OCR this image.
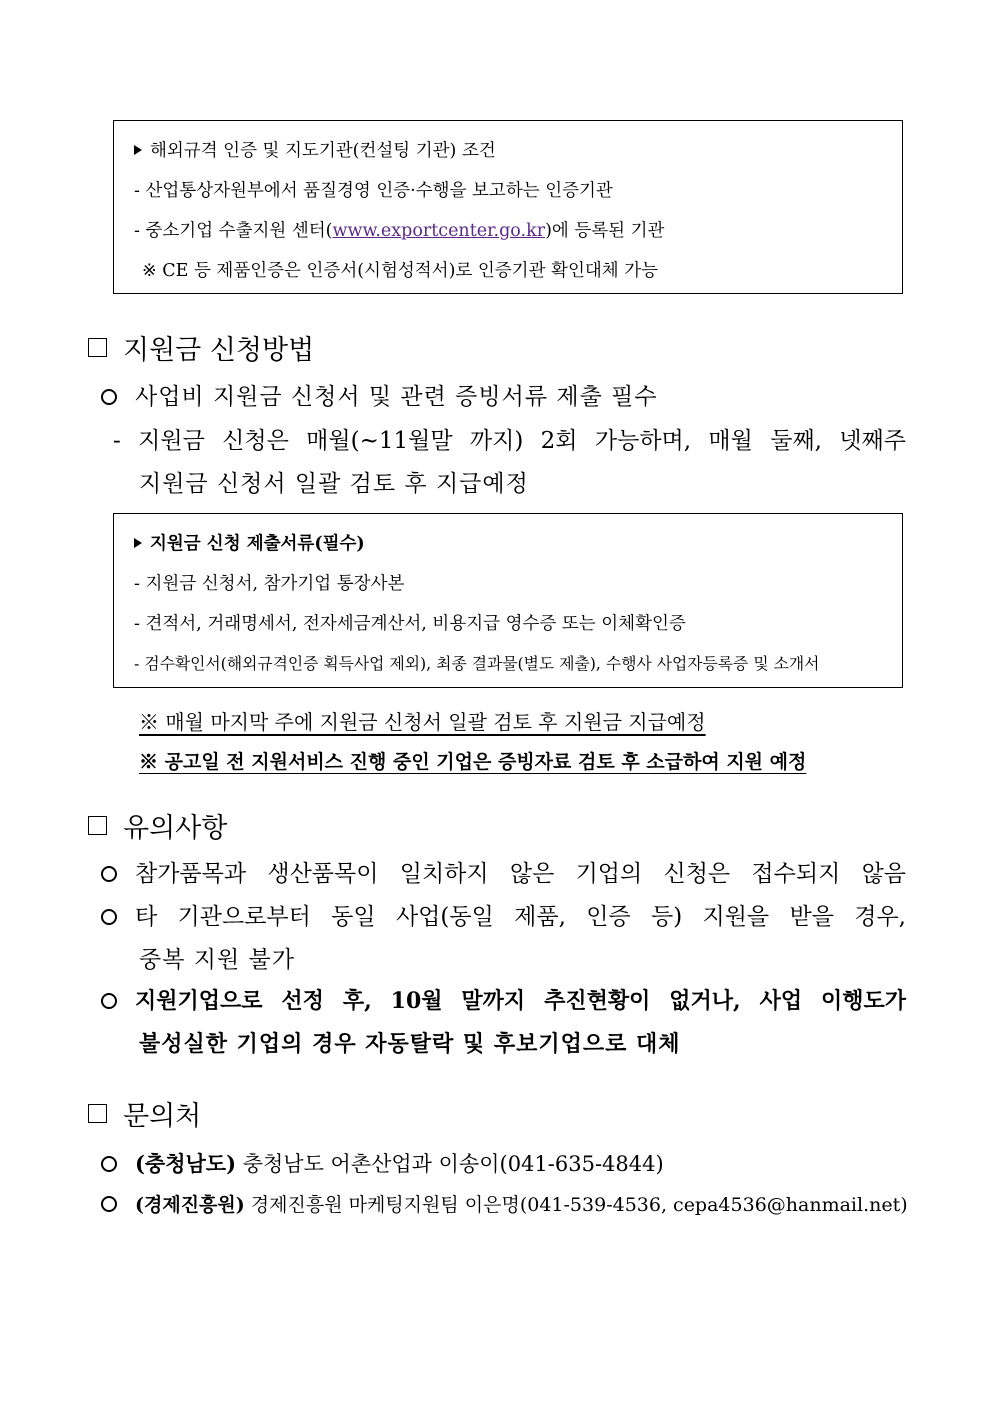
해외규격 인증 및 지도기관(컨설팅 기관) 조건
- 산업통상자원부에서 품질경영 인증·수행을 보고하는 인증기관
- 중소기업 수출지원 센터(www.exportcenter.go.kr)에 등록된 기관
※ CE 등 제품인증은 인증서(시험성적서)로 인증기관 확인대체 가능
지원금 신청방법
사업비 지원금 신청서 및 관련 증빙서류 제출 필수
- 지원금 신청은 매월(~11월말 까지) 2회 가능하며, 매월 둘째, 넷째주
지원금 신청서 일괄 검토 후 지급예정
지원금 신청 제출서류(필수)
- 지원금 신청서, 참가기업 통장사본
- 견적서, 거래명세서, 전자세금계산서, 비용지급 영수증 또는 이체확인증
- 검수확인서(해외규격인증 획득사업 제외), 최종 결과물(별도 제출), 수행사 사업자등록증 및 소개서
※ 매월 마지막 주에 지원금 신청서 일괄 검토 후 지원금 지급예정
※ 공고일 전 지원서비스 진행 중인 기업은 증빙자료 검토 후 소급하여 지원 예정
유의사항
참가품목과 생산품목이 일치하지 않은 기업의 신청은 접수되지 않음
타 기관으로부터 동일 사업(동일 제품, 인증 등) 지원을 받을 경우,
중복 지원 불가
지원기업으로 선정 후, 10월 말까지 추진현황이 없거나, 사업 이행도가
불성실한 기업의 경우 자동탈락 및 후보기업으로 대체
문의처
(충청남도) 충청남도 어촌산업과 이송이(041-635-4844)
(경제진흥원) 경제진흥원 마케팅지원팀 이은명(041-539-4536, cepa4536@hanmail.net)
